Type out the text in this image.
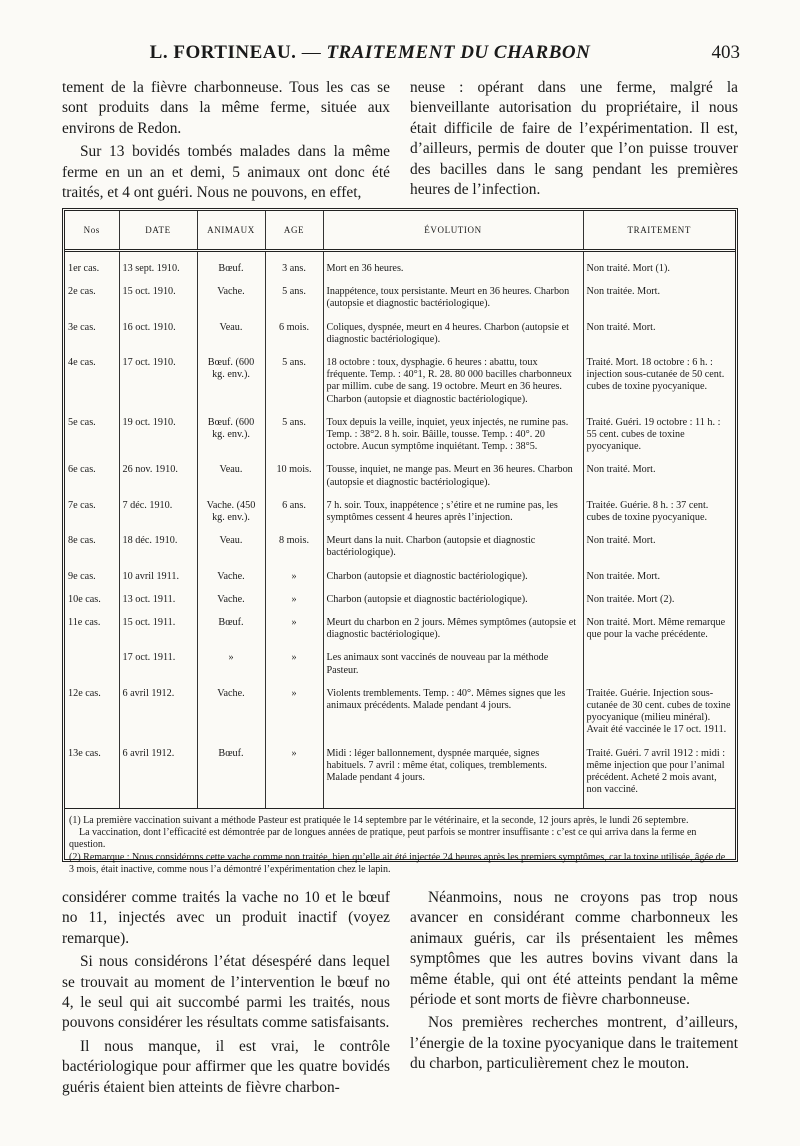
L. FORTINEAU. — TRAITEMENT DU CHARBON	403

tement de la fièvre charbonneuse. Tous les cas se sont produits dans la même ferme, située aux environs de Redon.

Sur 13 bovidés tombés malades dans la même ferme en un an et demi, 5 animaux ont donc été traités, et 4 ont guéri. Nous ne pouvons, en effet,

neuse : opérant dans une ferme, malgré la bienveillante autorisation du propriétaire, il nous était difficile de faire de l’expérimentation. Il est, d’ailleurs, permis de douter que l’on puisse trouver des bacilles dans le sang pendant les premières heures de l’infection.

Nos	DATE	ANIMAUX	AGE	ÉVOLUTION	TRAITEMENT

1er cas.	13 sept. 1910.	Bœuf.	3 ans.	Mort en 36 heures.	Non traité. Mort (1).

2e cas.	15 oct. 1910.	Vache.	5 ans.	Inappétence, toux persistante. Meurt en 36 heures. Charbon (autopsie et diagnostic bactériologique).	Non traitée. Mort.

3e cas.	16 oct. 1910.	Veau.	6 mois.	Coliques, dyspnée, meurt en 4 heures. Charbon (autopsie et diagnostic bactériologique).	Non traité. Mort.

4e cas.	17 oct. 1910.	Bœuf. (600 kg. env.).	5 ans.	18 octobre : toux, dysphagie. 6 heures : abattu, toux fréquente. Temp. : 40°1, R. 28. 80 000 bacilles charbonneux par millim. cube de sang. 19 octobre. Meurt en 36 heures. Charbon (autopsie et diagnostic bactériologique).	Traité. Mort. 18 octobre : 6 h. : injection sous-cutanée de 50 cent. cubes de toxine pyocyanique.

5e cas.	19 oct. 1910.	Bœuf. (600 kg. env.).	5 ans.	Toux depuis la veille, inquiet, yeux injectés, ne rumine pas. Temp. : 38°2. 8 h. soir. Bâille, tousse. Temp. : 40°. 20 octobre. Aucun symptôme inquiétant. Temp. : 38°5.	Traité. Guéri. 19 octobre : 11 h. : 55 cent. cubes de toxine pyocyanique.

6e cas.	26 nov. 1910.	Veau.	10 mois.	Tousse, inquiet, ne mange pas. Meurt en 36 heures. Charbon (autopsie et diagnostic bactériologique).	Non traité. Mort.

7e cas.	7 déc. 1910.	Vache. (450 kg. env.).	6 ans.	7 h. soir. Toux, inappétence ; s’étire et ne rumine pas, les symptômes cessent 4 heures après l’injection.	Traitée. Guérie. 8 h. : 37 cent. cubes de toxine pyocyanique.

8e cas.	18 déc. 1910.	Veau.	8 mois.	Meurt dans la nuit. Charbon (autopsie et diagnostic bactériologique).	Non traité. Mort.

9e cas.	10 avril 1911.	Vache.	»	Charbon (autopsie et diagnostic bactériologique).	Non traitée. Mort.

10e cas.	13 oct. 1911.	Vache.	»	Charbon (autopsie et diagnostic bactériologique).	Non traitée. Mort (2).

11e cas.	15 oct. 1911.	Bœuf.	»	Meurt du charbon en 2 jours. Mêmes symptômes (autopsie et diagnostic bactériologique).	Non traité. Mort. Même remarque que pour la vache précédente.

	17 oct. 1911.	»	»	Les animaux sont vaccinés de nouveau par la méthode Pasteur.	

12e cas.	6 avril 1912.	Vache.	»	Violents tremblements. Temp. : 40°. Mêmes signes que les animaux précédents. Malade pendant 4 jours.	Traitée. Guérie. Injection sous-cutanée de 30 cent. cubes de toxine pyocyanique (milieu minéral). Avait été vaccinée le 17 oct. 1911.

13e cas.	6 avril 1912.	Bœuf.	»	Midi : léger ballonnement, dyspnée marquée, signes habituels. 7 avril : même état, coliques, tremblements. Malade pendant 4 jours.	Traité. Guéri. 7 avril 1912 : midi : même injection que pour l’animal précédent. Acheté 2 mois avant, non vacciné.

(1) La première vaccination suivant a méthode Pasteur est pratiquée le 14 septembre par le vétérinaire, et la seconde, 12 jours après, le lundi 26 septembre.

La vaccination, dont l’efficacité est démontrée par de longues années de pratique, peut parfois se montrer insuffisante : c’est ce qui arriva dans la ferme en question.

(2) Remarque : Nous considérons cette vache comme non traitée, bien qu’elle ait été injectée 24 heures après les premiers symptômes, car la toxine utilisée, âgée de 3 mois, était inactive, comme nous l’a démontré l’expérimentation chez le lapin.

considérer comme traités la vache no 10 et le bœuf no 11, injectés avec un produit inactif (voyez remarque).

Si nous considérons l’état désespéré dans lequel se trouvait au moment de l’intervention le bœuf no 4, le seul qui ait succombé parmi les traités, nous pouvons considérer les résultats comme satisfaisants.

Il nous manque, il est vrai, le contrôle bactériologique pour affirmer que les quatre bovidés guéris étaient bien atteints de fièvre charbon-

Néanmoins, nous ne croyons pas trop nous avancer en considérant comme charbonneux les animaux guéris, car ils présentaient les mêmes symptômes que les autres bovins vivant dans la même étable, qui ont été atteints pendant la même période et sont morts de fièvre charbonneuse.

Nos premières recherches montrent, d’ailleurs, l’énergie de la toxine pyocyanique dans le traitement du charbon, particulièrement chez le mouton.
